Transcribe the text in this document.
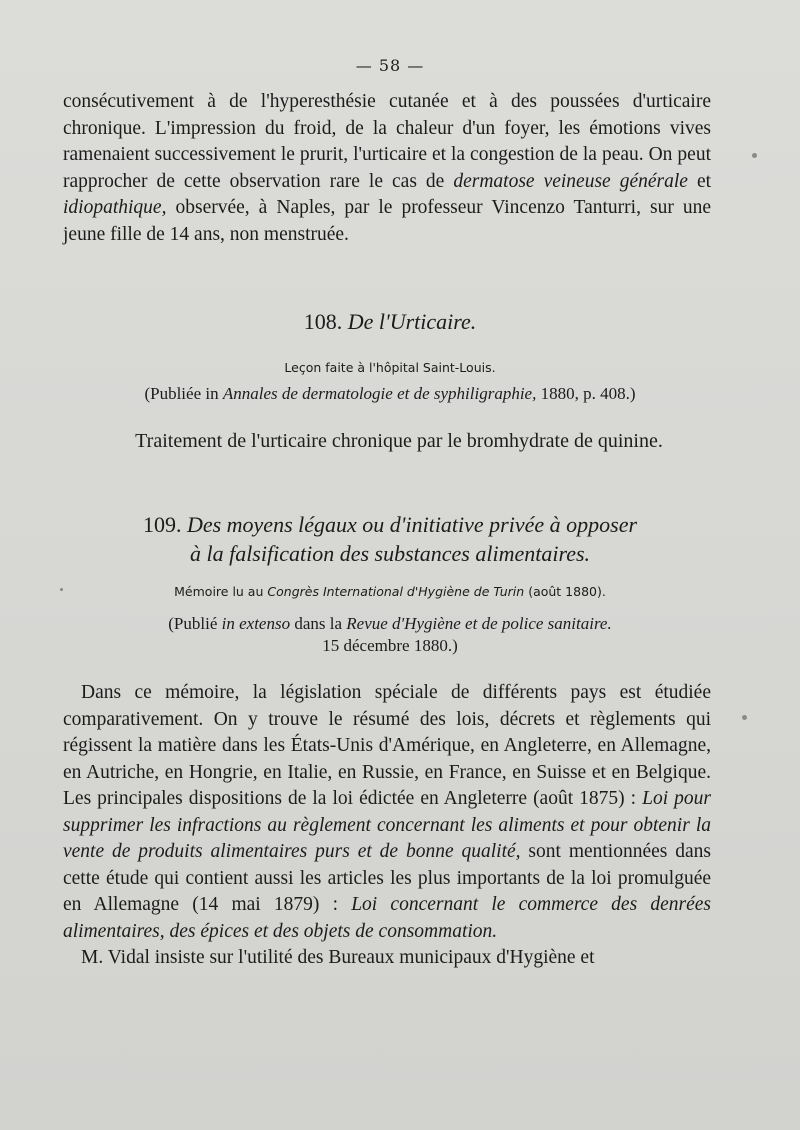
— 58 —
consécutivement à de l'hyperesthésie cutanée et à des poussées d'urticaire chronique. L'impression du froid, de la chaleur d'un foyer, les émotions vives ramenaient successivement le prurit, l'urticaire et la congestion de la peau. On peut rapprocher de cette observation rare le cas de dermatose veineuse générale et idiopathique, observée, à Naples, par le professeur Vincenzo Tanturri, sur une jeune fille de 14 ans, non menstruée.
108. De l'Urticaire.
Leçon faite à l'hôpital Saint-Louis.
(Publiée in Annales de dermatologie et de syphiligraphie, 1880, p. 408.)
Traitement de l'urticaire chronique par le bromhydrate de quinine.
109. Des moyens légaux ou d'initiative privée à opposer
à la falsification des substances alimentaires.
Mémoire lu au Congrès International d'Hygiène de Turin (août 1880).
(Publié in extenso dans la Revue d'Hygiène et de police sanitaire.
15 décembre 1880.)
Dans ce mémoire, la législation spéciale de différents pays est étudiée comparativement. On y trouve le résumé des lois, décrets et règlements qui régissent la matière dans les États-Unis d'Amérique, en Angleterre, en Allemagne, en Autriche, en Hongrie, en Italie, en Russie, en France, en Suisse et en Belgique. Les principales dispositions de la loi édictée en Angleterre (août 1875) : Loi pour supprimer les infractions au règlement concernant les aliments et pour obtenir la vente de produits alimentaires purs et de bonne qualité, sont mentionnées dans cette étude qui contient aussi les articles les plus importants de la loi promulguée en Allemagne (14 mai 1879) : Loi concernant le commerce des denrées alimentaires, des épices et des objets de consommation.
M. Vidal insiste sur l'utilité des Bureaux municipaux d'Hygiène et
